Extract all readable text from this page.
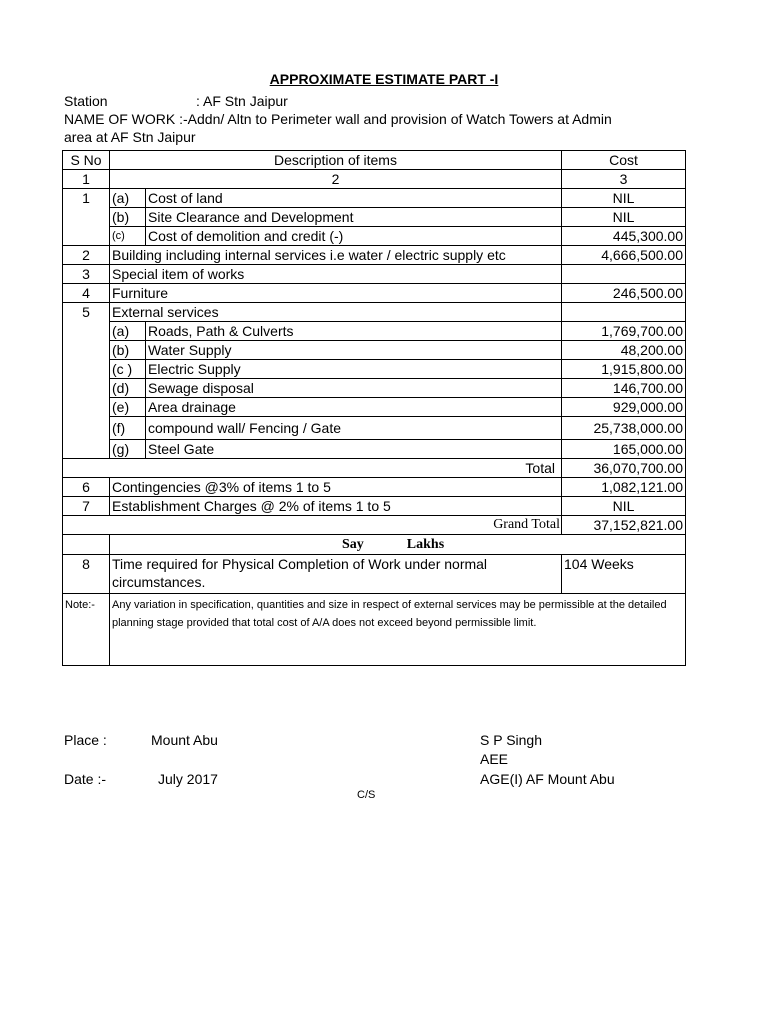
APPROXIMATE ESTIMATE PART -I
Station	: AF Stn Jaipur
NAME OF WORK :-Addn/ Altn to Perimeter wall and provision of Watch Towers at Admin
area at AF Stn Jaipur
S No	Description of items		Cost
1	2		3
1	(a)	Cost of land	NIL
	(b)	Site Clearance and Development	NIL
	(c)	Cost of demolition and credit (-)	445,300.00
2	Building including internal services i.e water / electric supply etc		4,666,500.00
3	Special item of works		
4	Furniture		246,500.00
5	External services		
	(a)	Roads, Path & Culverts	1,769,700.00
	(b)	Water Supply	48,200.00
	(c )	Electric Supply	1,915,800.00
	(d)	Sewage disposal	146,700.00
	(e)	Area drainage	929,000.00
	(f)	compound wall/ Fencing / Gate	25,738,000.00
	(g)	Steel Gate	165,000.00
Total			36,070,700.00
6	Contingencies @3% of items 1 to 5		1,082,121.00
7	Establishment Charges @ 2% of items 1 to 5		NIL
Grand Total			37,152,821.00
	Say Lakhs		
8	Time required for Physical Completion of Work under normal circumstances.		104 Weeks
Note:-	Any variation in specification, quantities and size in respect of external services may be permissible at the detailed planning stage provided that total cost of A/A does not exceed beyond permissible limit.		
Place :	Mount Abu	S P Singh
AEE
Date :-	July 2017	AGE(I) AF Mount Abu
C/S
